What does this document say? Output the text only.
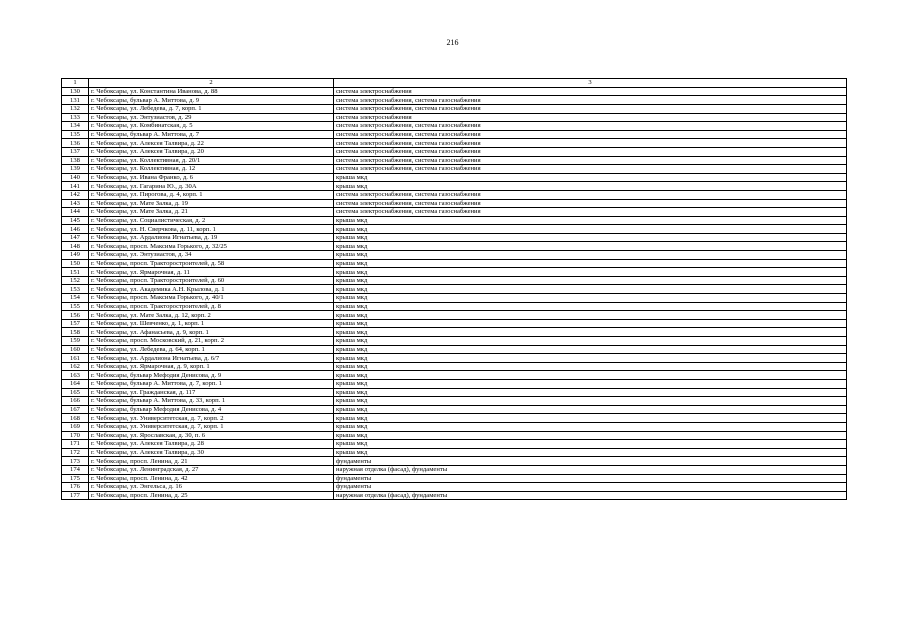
216
1	2	3
130	г. Чебоксары, ул. Константина Иванова, д. 88	система электроснабжения
131	г. Чебоксары, бульвар А. Миттова, д. 9	система электроснабжения, система газоснабжения
132	г. Чебоксары, ул. Лебедева, д. 7, корп. 1	система электроснабжения, система газоснабжения
133	г. Чебоксары, ул. Энтузиастов, д. 29	система электроснабжения
134	г. Чебоксары, ул. Комбинатская, д. 5	система электроснабжения, система газоснабжения
135	г. Чебоксары, бульвар А. Миттова, д. 7	система электроснабжения, система газоснабжения
136	г. Чебоксары, ул. Алексея Талвира, д. 22	система электроснабжения, система газоснабжения
137	г. Чебоксары, ул. Алексея Талвира, д. 20	система электроснабжения, система газоснабжения
138	г. Чебоксары, ул. Коллективная, д. 20/1	система электроснабжения, система газоснабжения
139	г. Чебоксары, ул. Коллективная, д. 12	система электроснабжения, система газоснабжения
140	г. Чебоксары, ул. Ивана Франко, д. 6	крыша мкд
141	г. Чебоксары, ул. Гагарина Ю., д. 30А	крыша мкд
142	г. Чебоксары, ул. Пирогова, д. 4, корп. 1	система электроснабжения, система газоснабжения
143	г. Чебоксары, ул. Мате Залка, д. 19	система электроснабжения, система газоснабжения
144	г. Чебоксары, ул. Мате Залка, д. 21	система электроснабжения, система газоснабжения
145	г. Чебоксары, ул. Социалистическая, д. 2	крыша мкд
146	г. Чебоксары, ул. Н. Сверчкова, д. 11, корп. 1	крыша мкд
147	г. Чебоксары, ул. Ардалиона Игнатьева, д. 19	крыша мкд
148	г. Чебоксары, просп. Максима Горького, д. 32/25	крыша мкд
149	г. Чебоксары, ул. Энтузиастов, д. 34	крыша мкд
150	г. Чебоксары, просп. Тракторостроителей, д. 58	крыша мкд
151	г. Чебоксары, ул. Ярмарочная, д. 11	крыша мкд
152	г. Чебоксары, просп. Тракторостроителей, д. 60	крыша мкд
153	г. Чебоксары, ул. Академика А.Н. Крылова, д. 1	крыша мкд
154	г. Чебоксары, просп. Максима Горького, д. 40/1	крыша мкд
155	г. Чебоксары, просп. Тракторостроителей, д. 8	крыша мкд
156	г. Чебоксары, ул. Мате Залка, д. 12, корп. 2	крыша мкд
157	г. Чебоксары, ул. Шевченко, д. 1, корп. 1	крыша мкд
158	г. Чебоксары, ул. Афанасьева, д. 9, корп. 1	крыша мкд
159	г. Чебоксары, просп. Московский, д. 21, корп. 2	крыша мкд
160	г. Чебоксары, ул. Лебедева, д. 64, корп. 1	крыша мкд
161	г. Чебоксары, ул. Ардалиона Игнатьева, д. 6/7	крыша мкд
162	г. Чебоксары, ул. Ярмарочная, д. 9, корп. 1	крыша мкд
163	г. Чебоксары, бульвар Мефодия Денисова, д. 9	крыша мкд
164	г. Чебоксары, бульвар А. Миттова, д. 7, корп. 1	крыша мкд
165	г. Чебоксары, ул. Гражданская, д. 117	крыша мкд
166	г. Чебоксары, бульвар А. Миттова, д. 33, корп. 1	крыша мкд
167	г. Чебоксары, бульвар Мефодия Денисова, д. 4	крыша мкд
168	г. Чебоксары, ул. Университетская, д. 7, корп. 2	крыша мкд
169	г. Чебоксары, ул. Университетская, д. 7, корп. 1	крыша мкд
170	г. Чебоксары, ул. Ярославская, д. 30, п. 6	крыша мкд
171	г. Чебоксары, ул. Алексея Талвира, д. 28	крыша мкд
172	г. Чебоксары, ул. Алексея Талвира, д. 30	крыша мкд
173	г. Чебоксары, просп. Ленина, д. 21	фундаменты
174	г. Чебоксары, ул. Ленинградская, д. 27	наружная отделка (фасад), фундаменты
175	г. Чебоксары, просп. Ленина, д. 42	фундаменты
176	г. Чебоксары, ул. Энгельса, д. 16	фундаменты
177	г. Чебоксары, просп. Ленина, д. 25	наружная отделка (фасад), фундаменты
